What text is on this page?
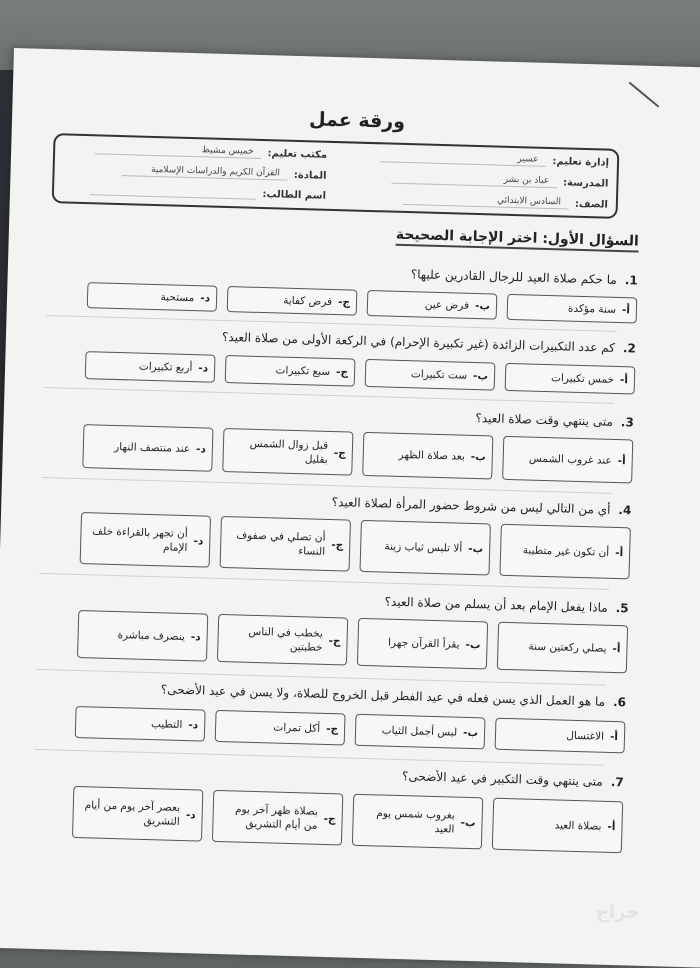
ورقة عمل
إدارة تعليم:
عسير
مكتب تعليم:
خميس مشيط
المدرسة:
عباد بن بشر
المادة:
القرآن الكريم والدراسات الإسلامية
الصف:
السادس الابتدائي
اسم الطالب:
السؤال الأول: اختر الإجابة الصحيحة
1.ما حكم صلاة العيد للرجال القادرين عليها؟
أ-
سنة مؤكدة
ب-
فرض عين
ج-
فرض كفاية
د-
مستحبة
2.كم عدد التكبيرات الزائدة (غير تكبيرة الإحرام) في الركعة الأولى من صلاة العيد؟
أ-
خمس تكبيرات
ب-
ست تكبيرات
ج-
سبع تكبيرات
د-
أربع تكبيرات
3.متى ينتهي وقت صلاة العيد؟
أ-
عند غروب الشمس
ب-
بعد صلاة الظهر
ج-
قبل زوال الشمس بقليل
د-
عند منتصف النهار
4.أي من التالي ليس من شروط حضور المرأة لصلاة العيد؟
أ-
أن تكون غير متطيبة
ب-
ألا تلبس ثياب زينة
ج-
أن تصلي في صفوف النساء
د-
أن تجهر بالقراءة خلف الإمام
5.ماذا يفعل الإمام بعد أن يسلم من صلاة العيد؟
أ-
يصلي ركعتين سنة
ب-
يقرأ القرآن جهرا
ج-
يخطب في الناس خطبتين
د-
ينصرف مباشرة
6.ما هو العمل الذي يسن فعله في عيد الفطر قبل الخروج للصلاة، ولا يسن في عيد الأضحى؟
أ-
الاغتسال
ب-
لبس أجمل الثياب
ج-
أكل تمرات
د-
التطيب
7.متى ينتهي وقت التكبير في عيد الأضحى؟
أ-
بصلاة العيد
ب-
بغروب شمس يوم العيد
ج-
بصلاة ظهر آخر يوم من أيام التشريق
د-
بعصر آخر يوم من أيام التشريق
حراج
